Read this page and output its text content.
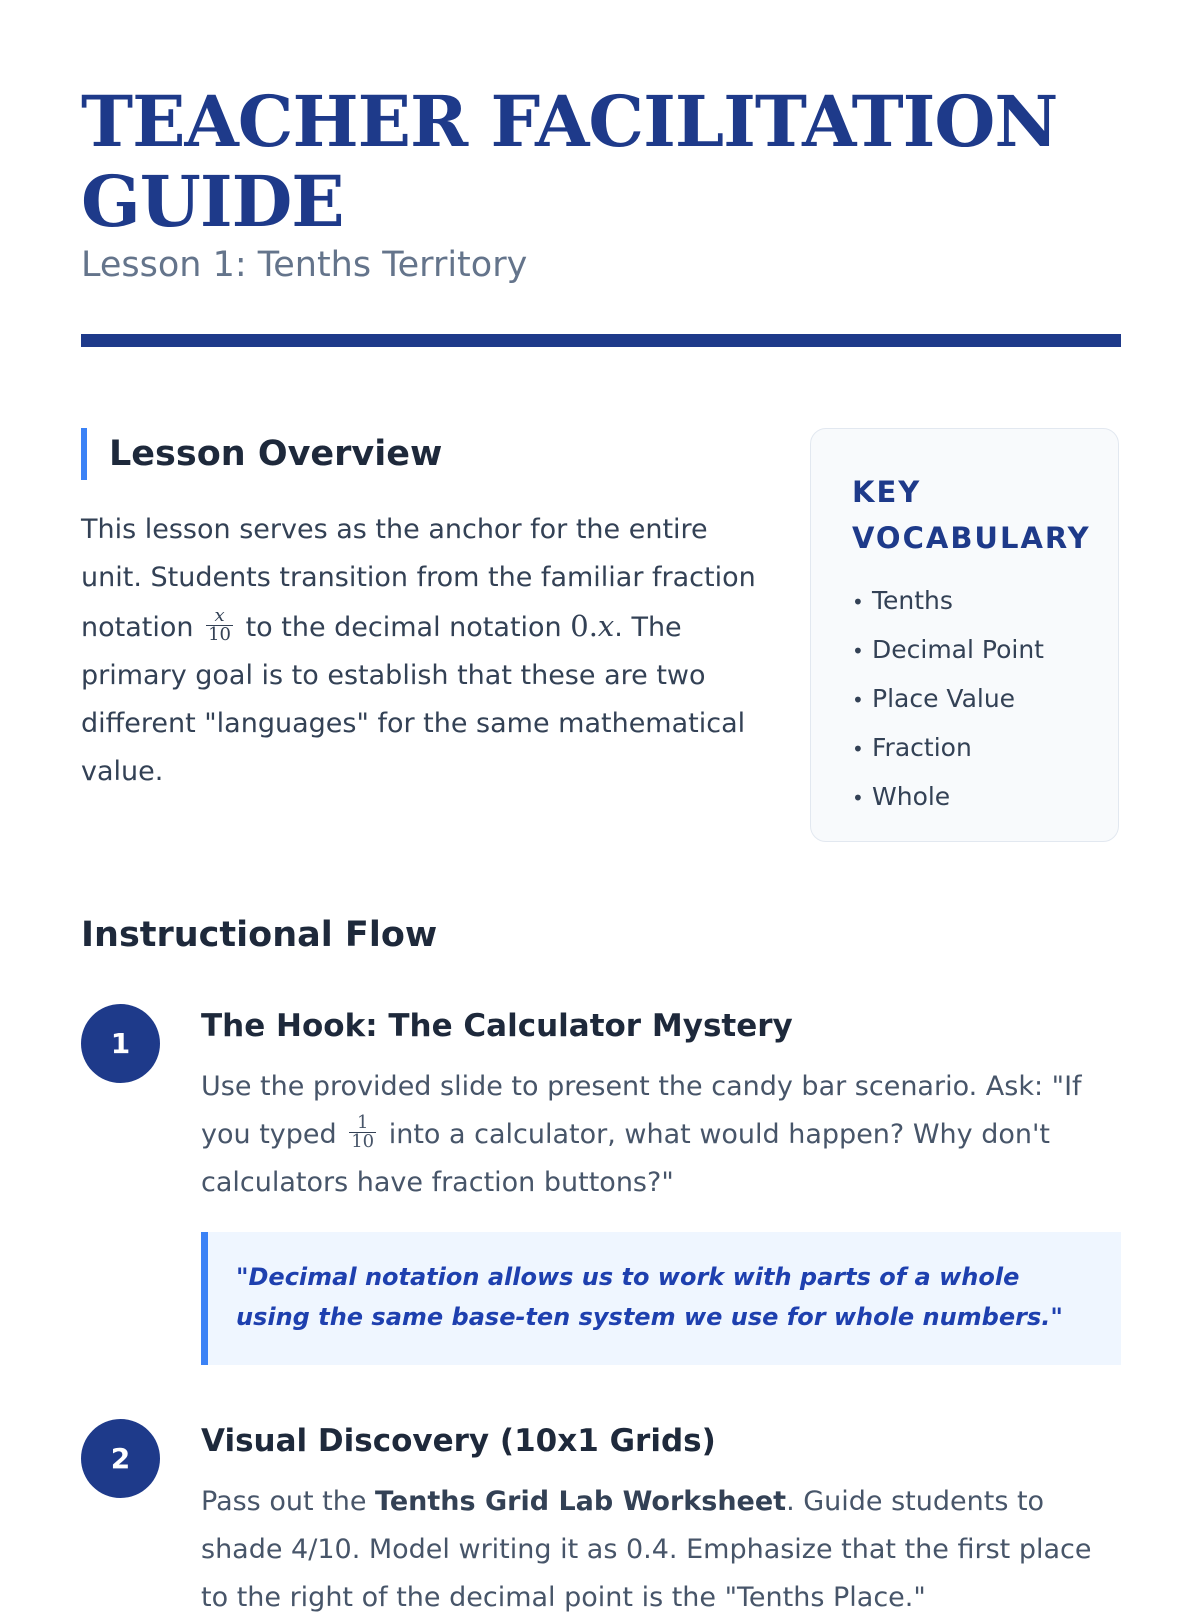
TEACHER FACILITATION
GUIDE

Lesson 1: Tenths Territory

Lesson Overview

This lesson serves as the anchor for the entire unit. Students transition from the familiar fraction notation $\frac{x}{10}$ to the decimal notation 0.x. The primary goal is to establish that these are two different "languages" for the same mathematical value.

KEY VOCABULARY
• Tenths
• Decimal Point
• Place Value
• Fraction
• Whole
Instructional Flow
1	The Hook: The Calculator Mystery

Use the provided slide to present the candy bar scenario. Ask: "If you typed $\frac{1}{10}$ into a calculator, what would happen? Why don't calculators have fraction buttons?"

"Decimal notation allows us to work with parts of a whole using the same base-ten system we use for whole numbers."
2	Visual Discovery (10x1 Grids)

Pass out the Tenths Grid Lab Worksheet. Guide students to shade 4/10. Model writing it as 0.4. Emphasize that the first place to the right of the decimal point is the "Tenths Place."
